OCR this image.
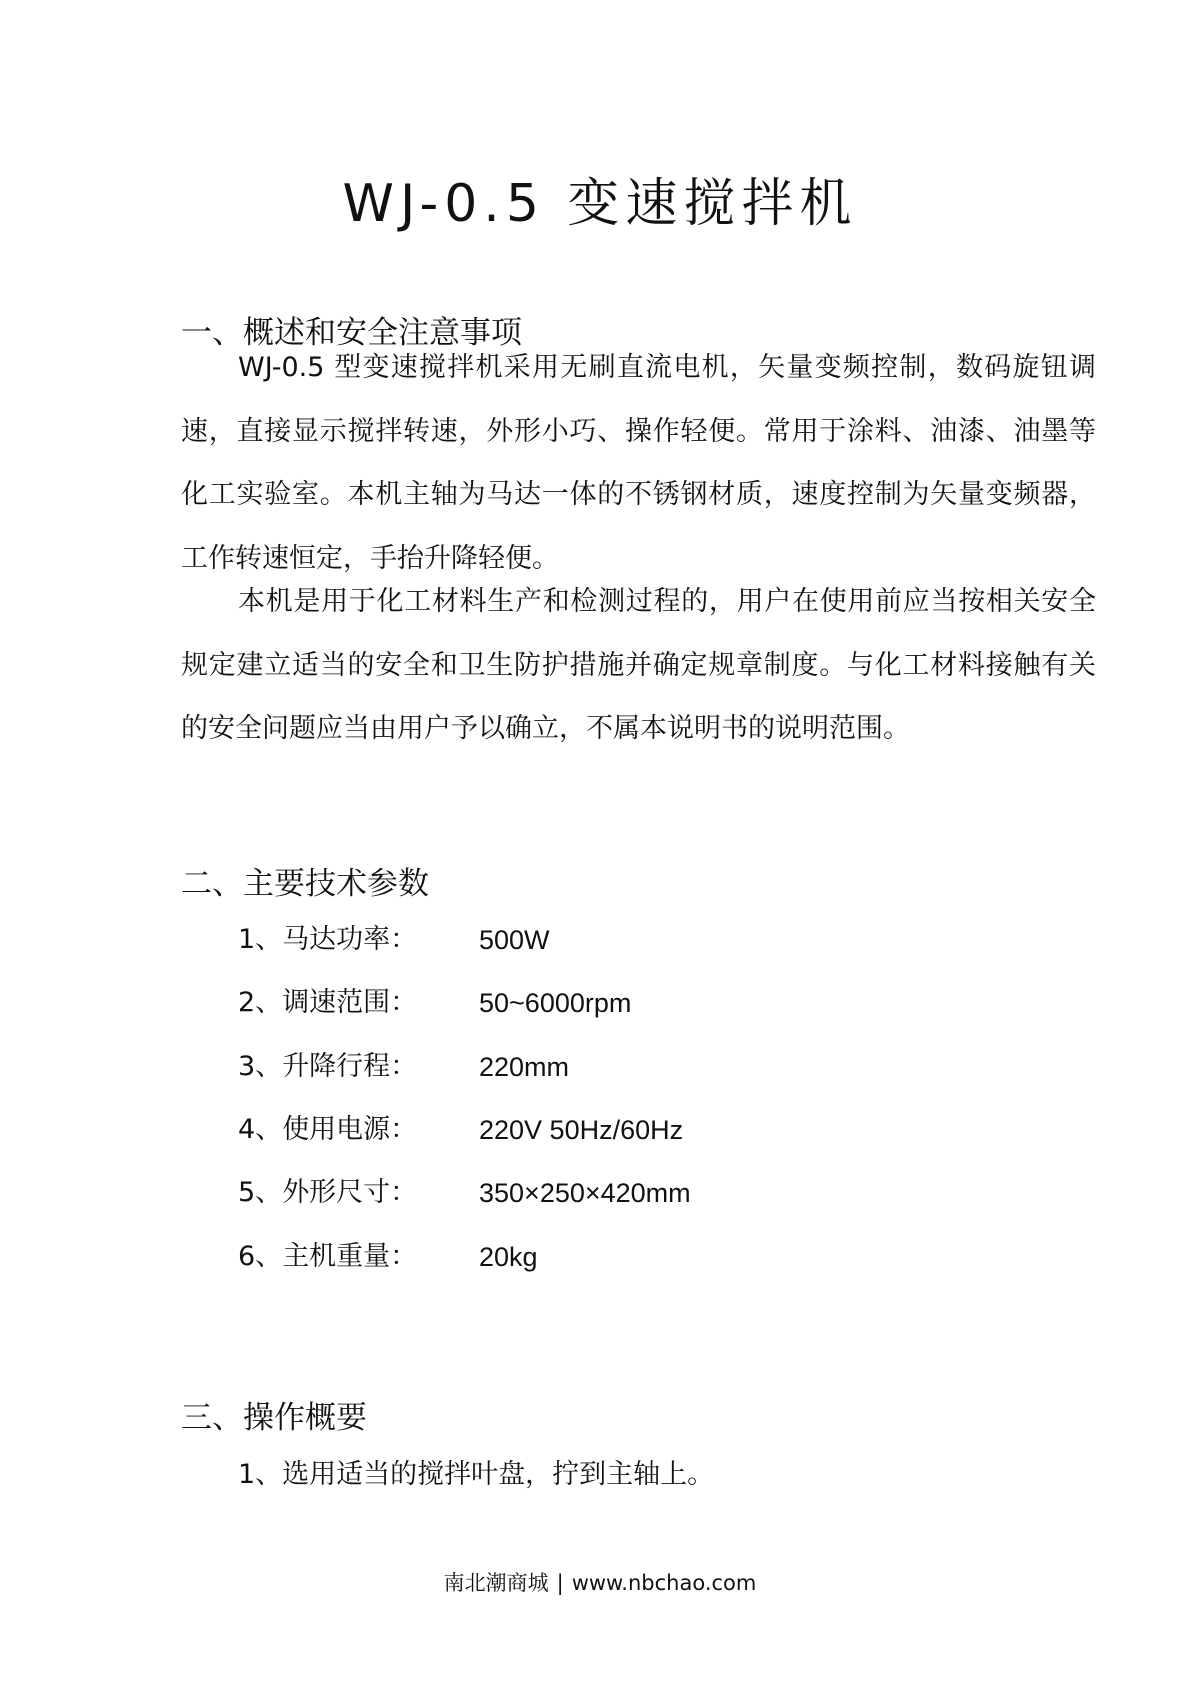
WJ-0.5 变速搅拌机
一、概述和安全注意事项
WJ-0.5 型变速搅拌机采用无刷直流电机，矢量变频控制，数码旋钮调速，直接显示搅拌转速，外形小巧、操作轻便。常用于涂料、油漆、油墨等化工实验室。本机主轴为马达一体的不锈钢材质，速度控制为矢量变频器，工作转速恒定，手抬升降轻便。
本机是用于化工材料生产和检测过程的，用户在使用前应当按相关安全规定建立适当的安全和卫生防护措施并确定规章制度。与化工材料接触有关的安全问题应当由用户予以确立，不属本说明书的说明范围。
二、主要技术参数
1、马达功率： 500W
2、调速范围： 50~6000rpm
3、升降行程： 220mm
4、使用电源： 220V 50Hz/60Hz
5、外形尺寸： 350×250×420mm
6、主机重量： 20kg
三、操作概要
1、选用适当的搅拌叶盘，拧到主轴上。
南北潮商城 | www.nbchao.com
